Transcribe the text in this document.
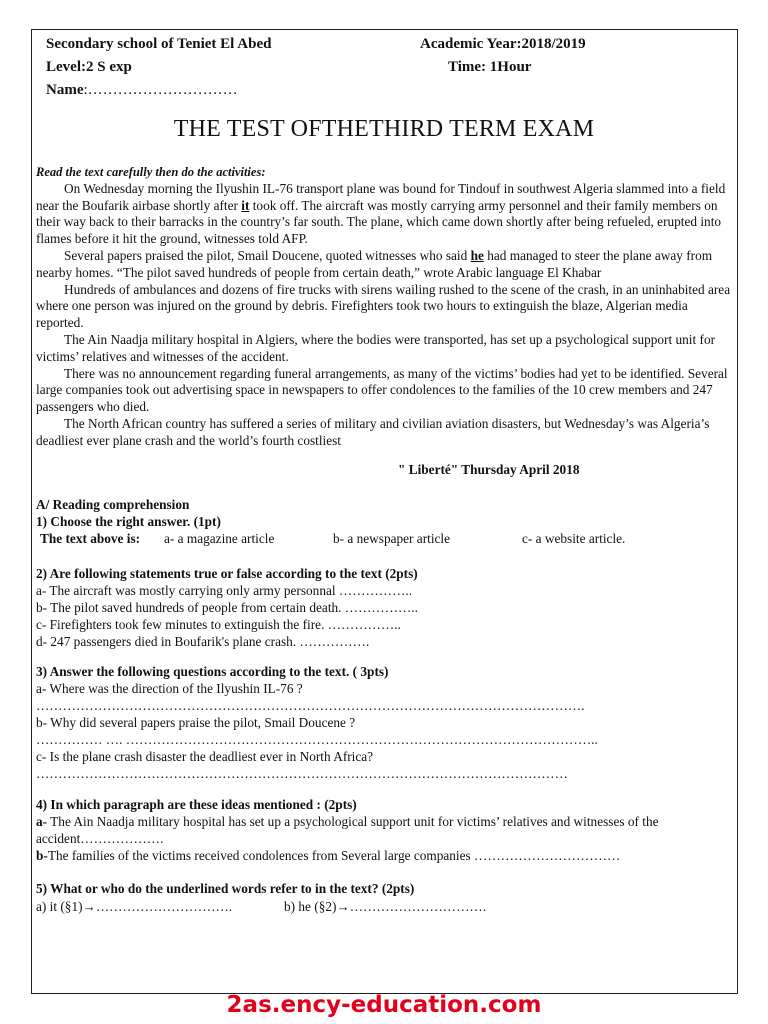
Secondary school of Teniet El Abed	Academic Year:2018/2019
Level:2 S exp	Time: 1Hour
Name:…………………………
THE TEST OFTHETHIRD TERM EXAM

Read the text carefully then do the activities:

On Wednesday morning the Ilyushin IL-76 transport plane was bound for Tindouf in southwest Algeria slammed into a field near the Boufarik airbase shortly after it took off. The aircraft was mostly carrying army personnel and their family members on their way back to their barracks in the country’s far south. The plane, which came down shortly after being refueled, erupted into flames before it hit the ground, witnesses told AFP.

Several papers praised the pilot, Smail Doucene, quoted witnesses who said he had managed to steer the plane away from nearby homes. “The pilot saved hundreds of people from certain death,” wrote Arabic language El Khabar

Hundreds of ambulances and dozens of fire trucks with sirens wailing rushed to the scene of the crash, in an uninhabited area where one person was injured on the ground by debris. Firefighters took two hours to extinguish the blaze, Algerian media reported.

The Ain Naadja military hospital in Algiers, where the bodies were transported, has set up a psychological support unit for victims’ relatives and witnesses of the accident.

There was no announcement regarding funeral arrangements, as many of the victims’ bodies had yet to be identified. Several large companies took out advertising space in newspapers to offer condolences to the families of the 10 crew members and 247 passengers who died.

The North African country has suffered a series of military and civilian aviation disasters, but Wednesday’s was Algeria’s deadliest ever plane crash and the world’s fourth costliest

" Liberté" Thursday April 2018
A/ Reading comprehension
1) Choose the right answer. (1pt)
The text above is: a- a magazine article	b- a newspaper article	c- a website article.
2) Are following statements true or false according to the text (2pts)
a- The aircraft was mostly carrying only army personnal ……………..
b- The pilot saved hundreds of people from certain death. ……………..
c- Firefighters took few minutes to extinguish the fire. ……………..
d- 247 passengers died in Boufarik's plane crash. …………….
3) Answer the following questions according to the text. ( 3pts)
a- Where was the direction of the Ilyushin IL-76 ?
…………………………………………………………………………………………………………….
b- Why did several papers praise the pilot, Smail Doucene ?
…………… …. ……………………………………………………………………………………………..
c- Is the plane crash disaster the deadliest ever in North Africa?
…………………………………………………………………………………………………………
4) In which paragraph are these ideas mentioned : (2pts)
a- The Ain Naadja military hospital has set up a psychological support unit for victims’ relatives and witnesses of the accident……………….
b-The families of the victims received condolences from Several large companies ……………………………
5) What or who do the underlined words refer to in the text? (2pts)
a) it (§1)→………………………….	b) he (§2)→………………………….
2as.ency-education.com
